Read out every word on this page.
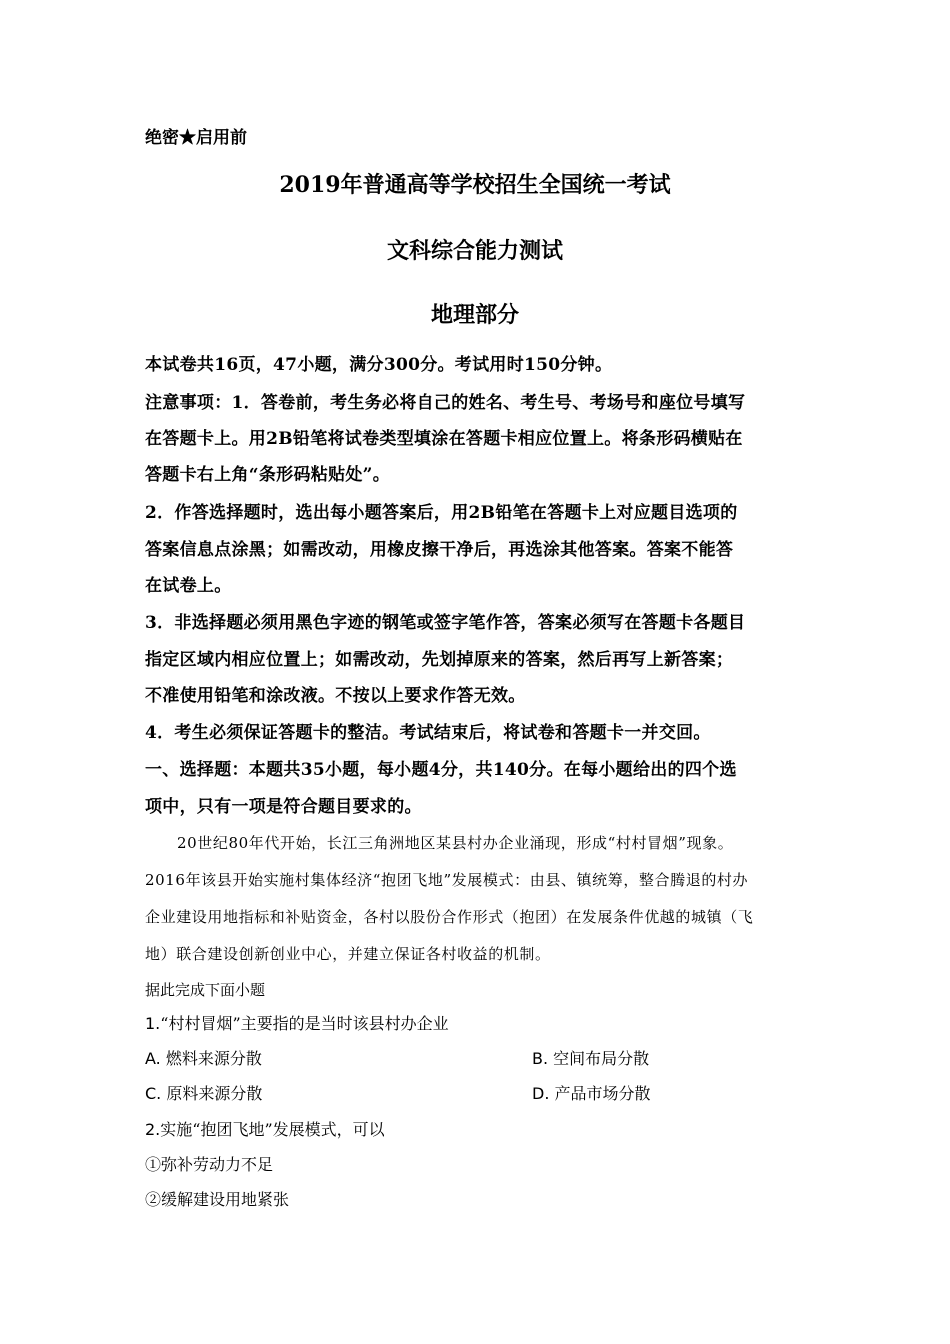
绝密★启用前
2019年普通高等学校招生全国统一考试
文科综合能力测试
地理部分
本试卷共16页，47小题，满分300分。考试用时150分钟。
注意事项：1．答卷前，考生务必将自己的姓名、考生号、考场号和座位号填写
在答题卡上。用2B铅笔将试卷类型填涂在答题卡相应位置上。将条形码横贴在
答题卡右上角“条形码粘贴处”。
2．作答选择题时，选出每小题答案后，用2B铅笔在答题卡上对应题目选项的
答案信息点涂黑；如需改动，用橡皮擦干净后，再选涂其他答案。答案不能答
在试卷上。
3．非选择题必须用黑色字迹的钢笔或签字笔作答，答案必须写在答题卡各题目
指定区域内相应位置上；如需改动，先划掉原来的答案，然后再写上新答案；
不准使用铅笔和涂改液。不按以上要求作答无效。
4．考生必须保证答题卡的整洁。考试结束后，将试卷和答题卡一并交回。
一、选择题：本题共35小题，每小题4分，共140分。在每小题给出的四个选
项中，只有一项是符合题目要求的。
20世纪80年代开始，长江三角洲地区某县村办企业涌现，形成“村村冒烟”现象。
2016年该县开始实施村集体经济“抱团飞地”发展模式：由县、镇统筹，整合腾退的村办
企业建设用地指标和补贴资金，各村以股份合作形式（抱团）在发展条件优越的城镇（飞
地）联合建设创新创业中心，并建立保证各村收益的机制。
据此完成下面小题
1.“村村冒烟”主要指的是当时该县村办企业
A. 燃料来源分散	B. 空间布局分散
C. 原料来源分散	D. 产品市场分散
2.实施“抱团飞地”发展模式，可以
①弥补劳动力不足
②缓解建设用地紧张
